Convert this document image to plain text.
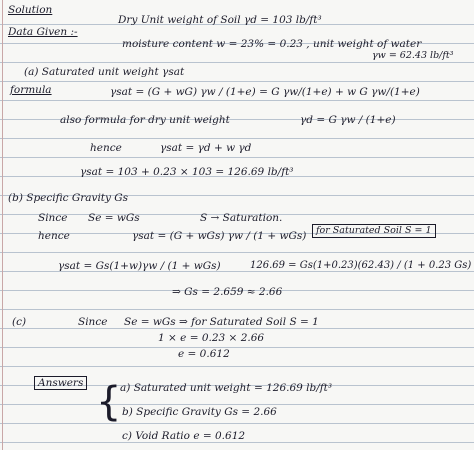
Solution
Data Given :-
Dry Unit weight of Soil γd = 103 lb/ft³
moisture content w = 23% = 0.23 , unit weight of water
γw = 62.43 lb/ft³
(a) Saturated unit weight γsat
formula	γsat = (G + wG) γw / (1+e) = G γw/(1+e) + w G γw/(1+e)
also formula for dry unit weight	γd = G γw / (1+e)
hence	γsat = γd + w γd
γsat = 103 + 0.23 × 103 = 126.69 lb/ft³
(b) Specific Gravity Gs
Since Se = wGs	S → Saturation.
hence	γsat = (G + wGs) γw / (1 + wGs)	for Saturated Soil S = 1
γsat = Gs(1+w)γw / (1 + wGs)	126.69 = Gs(1+0.23)(62.43) / (1 + 0.23 Gs)
⇒ Gs = 2.659 ≈ 2.66
(c)	Since Se = wGs ⇒ for Saturated Soil S = 1
1 × e = 0.23 × 2.66
e = 0.612
Answers {
a) Saturated unit weight = 126.69 lb/ft³
b) Specific Gravity Gs = 2.66
c) Void Ratio e = 0.612
